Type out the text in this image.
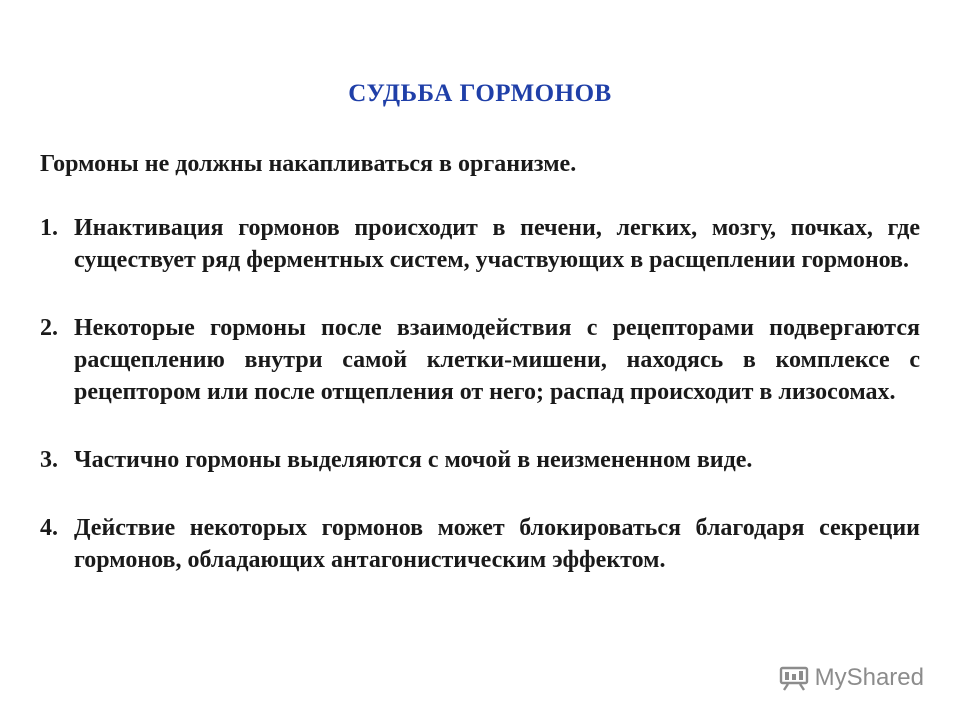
СУДЬБА ГОРМОНОВ
Гормоны не должны накапливаться в организме.
1. Инактивация гормонов происходит в печени, легких, мозгу, почках, где существует ряд ферментных систем, участвующих в расщеплении гормонов.
2. Некоторые гормоны после взаимодействия с рецепторами подвергаются расщеплению внутри самой клетки-мишени, находясь в комплексе с рецептором или после отщепления от него; распад происходит в лизосомах.
3. Частично гормоны выделяются с мочой в неизмененном виде.
4. Действие некоторых гормонов может блокироваться благодаря секреции гормонов, обладающих антагонистическим эффектом.
MyShared
